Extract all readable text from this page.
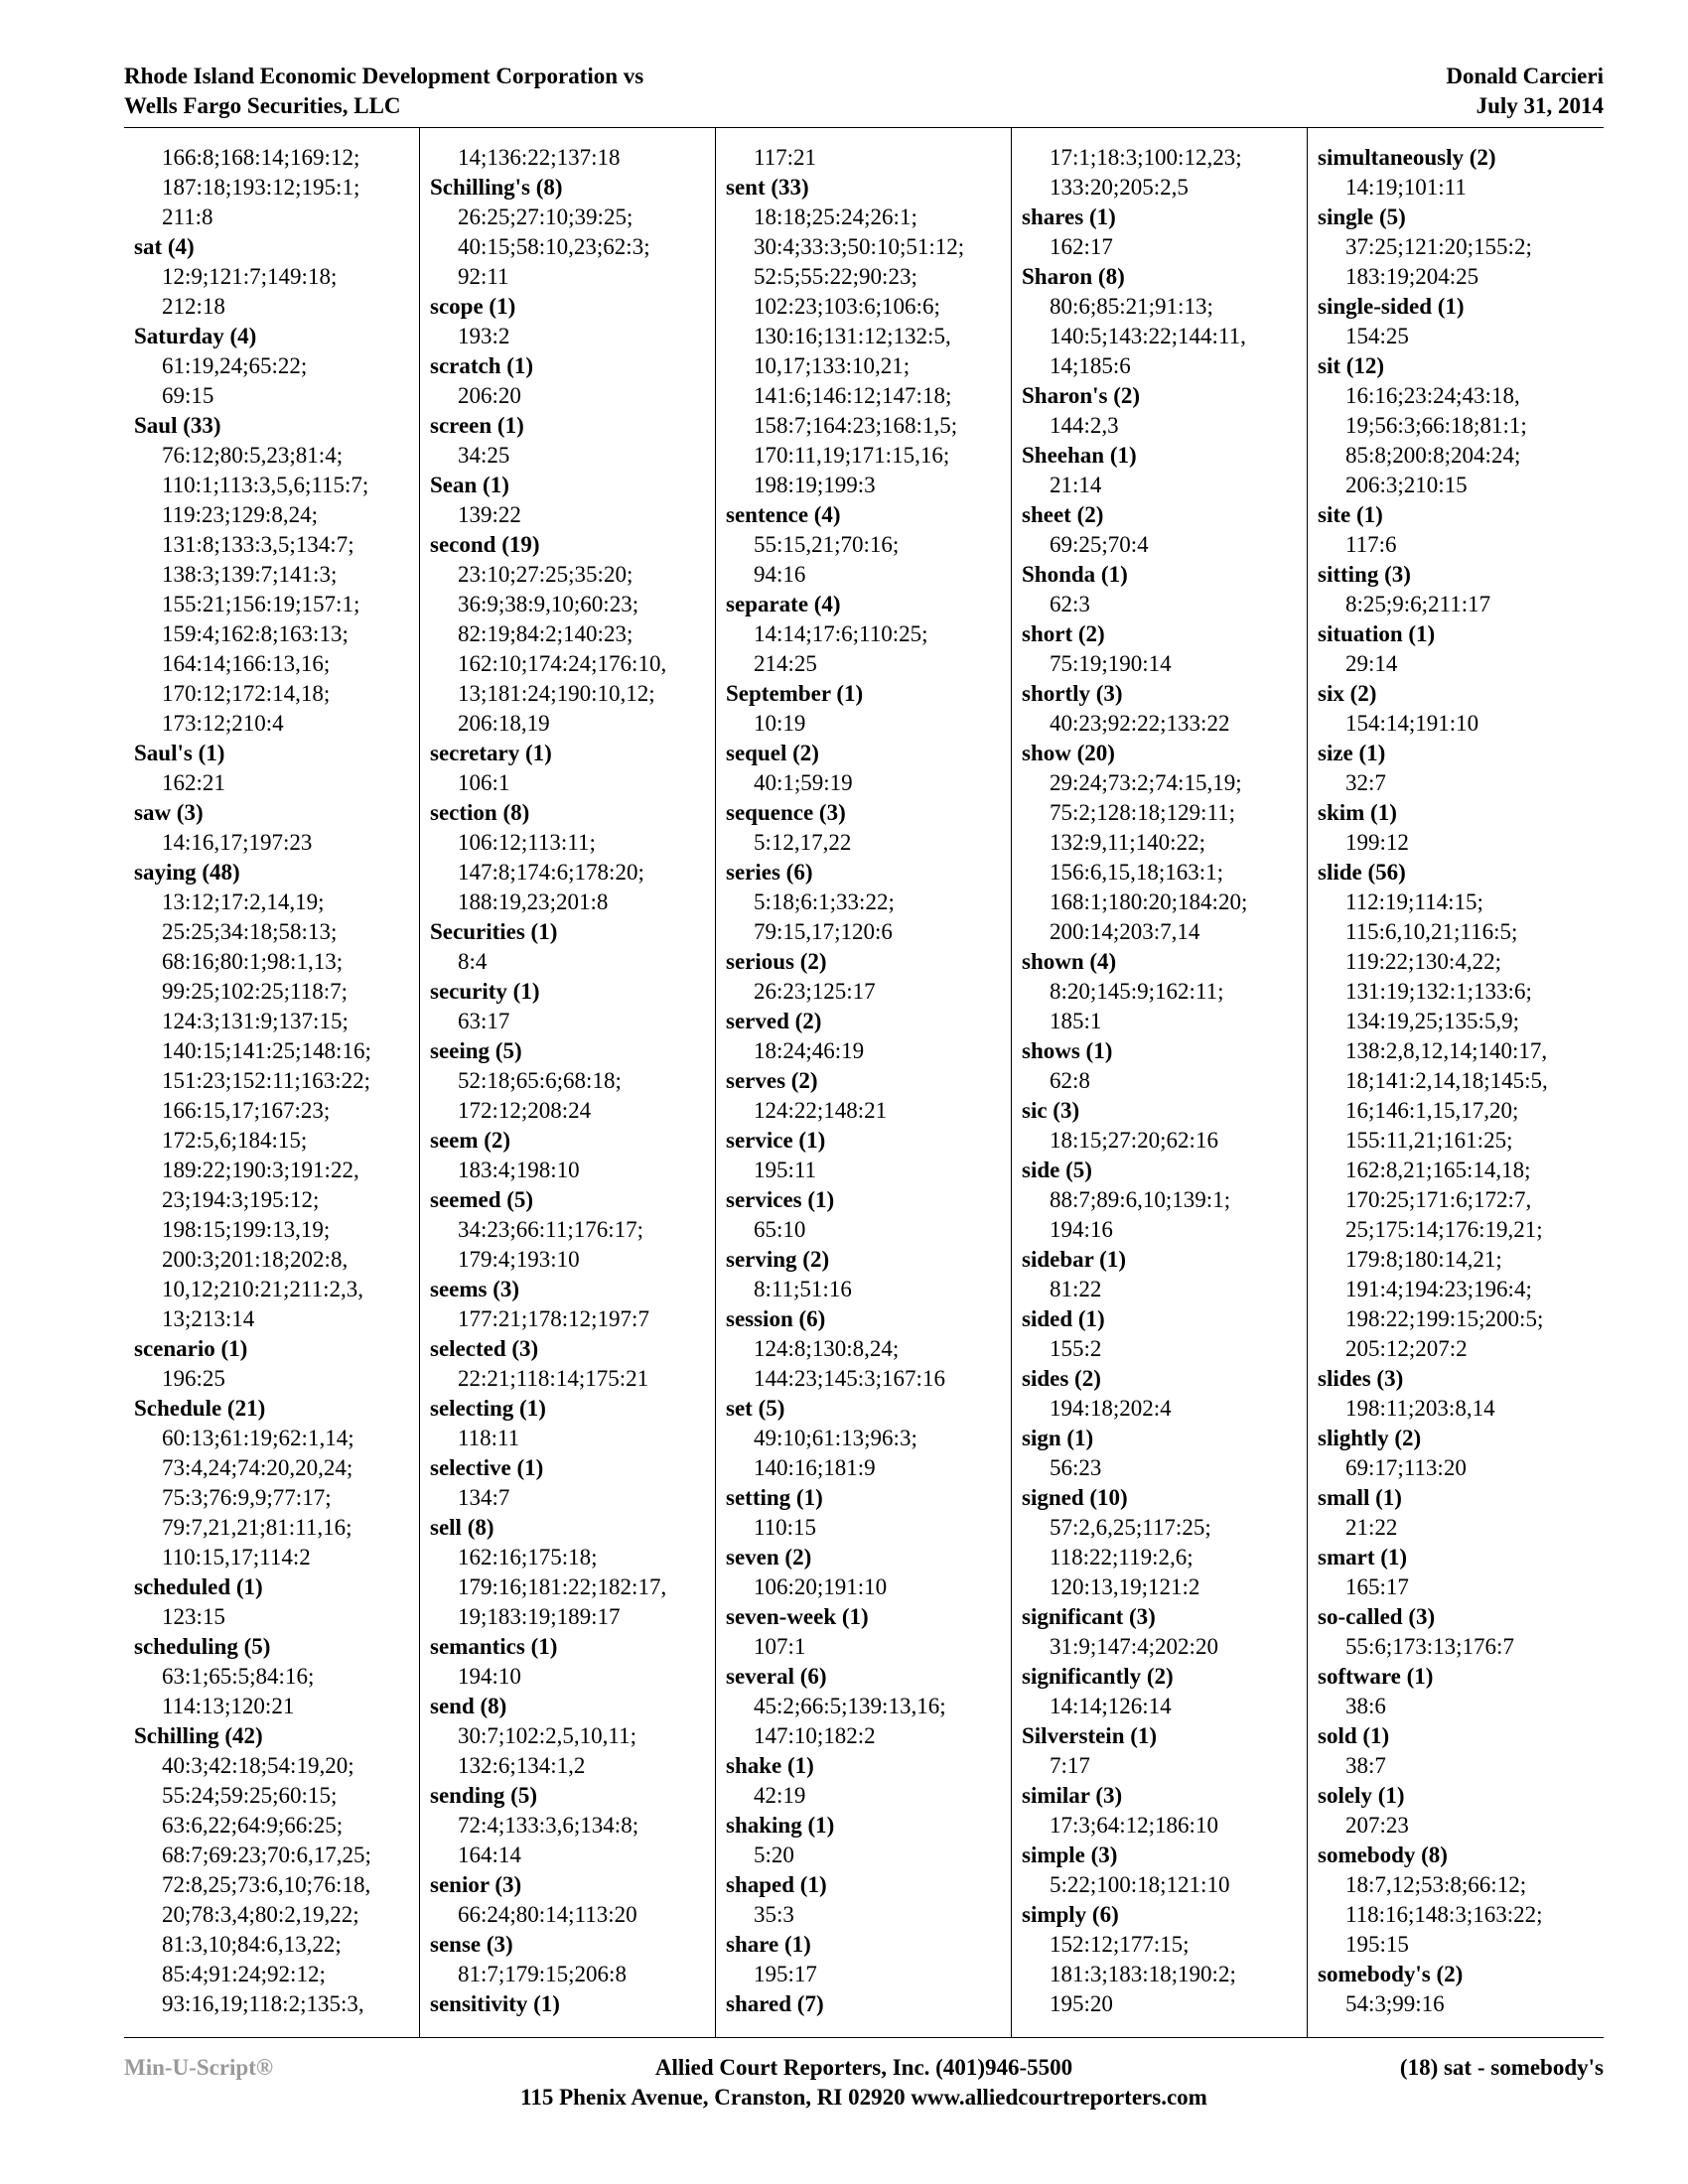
Rhode Island Economic Development Corporation vs
Wells Fargo Securities, LLC
Donald Carcieri
July 31, 2014
166:8;168:14;169:12;
187:18;193:12;195:1;
211:8
sat (4)
12:9;121:7;149:18;
212:18
Saturday (4)
61:19,24;65:22;
69:15
Saul (33)
76:12;80:5,23;81:4;
110:1;113:3,5,6;115:7;
119:23;129:8,24;
131:8;133:3,5;134:7;
138:3;139:7;141:3;
155:21;156:19;157:1;
159:4;162:8;163:13;
164:14;166:13,16;
170:12;172:14,18;
173:12;210:4
Saul's (1)
162:21
saw (3)
14:16,17;197:23
saying (48)
13:12;17:2,14,19;
25:25;34:18;58:13;
68:16;80:1;98:1,13;
99:25;102:25;118:7;
124:3;131:9;137:15;
140:15;141:25;148:16;
151:23;152:11;163:22;
166:15,17;167:23;
172:5,6;184:15;
189:22;190:3;191:22,
23;194:3;195:12;
198:15;199:13,19;
200:3;201:18;202:8,
10,12;210:21;211:2,3,
13;213:14
scenario (1)
196:25
Schedule (21)
60:13;61:19;62:1,14;
73:4,24;74:20,20,24;
75:3;76:9,9;77:17;
79:7,21,21;81:11,16;
110:15,17;114:2
scheduled (1)
123:15
scheduling (5)
63:1;65:5;84:16;
114:13;120:21
Schilling (42)
40:3;42:18;54:19,20;
55:24;59:25;60:15;
63:6,22;64:9;66:25;
68:7;69:23;70:6,17,25;
72:8,25;73:6,10;76:18,
20;78:3,4;80:2,19,22;
81:3,10;84:6,13,22;
85:4;91:24;92:12;
93:16,19;118:2;135:3,
14;136:22;137:18
Schilling's (8)
26:25;27:10;39:25;
40:15;58:10,23;62:3;
92:11
scope (1)
193:2
scratch (1)
206:20
screen (1)
34:25
Sean (1)
139:22
second (19)
23:10;27:25;35:20;
36:9;38:9,10;60:23;
82:19;84:2;140:23;
162:10;174:24;176:10,
13;181:24;190:10,12;
206:18,19
secretary (1)
106:1
section (8)
106:12;113:11;
147:8;174:6;178:20;
188:19,23;201:8
Securities (1)
8:4
security (1)
63:17
seeing (5)
52:18;65:6;68:18;
172:12;208:24
seem (2)
183:4;198:10
seemed (5)
34:23;66:11;176:17;
179:4;193:10
seems (3)
177:21;178:12;197:7
selected (3)
22:21;118:14;175:21
selecting (1)
118:11
selective (1)
134:7
sell (8)
162:16;175:18;
179:16;181:22;182:17,
19;183:19;189:17
semantics (1)
194:10
send (8)
30:7;102:2,5,10,11;
132:6;134:1,2
sending (5)
72:4;133:3,6;134:8;
164:14
senior (3)
66:24;80:14;113:20
sense (3)
81:7;179:15;206:8
sensitivity (1)
117:21
sent (33)
18:18;25:24;26:1;
30:4;33:3;50:10;51:12;
52:5;55:22;90:23;
102:23;103:6;106:6;
130:16;131:12;132:5,
10,17;133:10,21;
141:6;146:12;147:18;
158:7;164:23;168:1,5;
170:11,19;171:15,16;
198:19;199:3
sentence (4)
55:15,21;70:16;
94:16
separate (4)
14:14;17:6;110:25;
214:25
September (1)
10:19
sequel (2)
40:1;59:19
sequence (3)
5:12,17,22
series (6)
5:18;6:1;33:22;
79:15,17;120:6
serious (2)
26:23;125:17
served (2)
18:24;46:19
serves (2)
124:22;148:21
service (1)
195:11
services (1)
65:10
serving (2)
8:11;51:16
session (6)
124:8;130:8,24;
144:23;145:3;167:16
set (5)
49:10;61:13;96:3;
140:16;181:9
setting (1)
110:15
seven (2)
106:20;191:10
seven-week (1)
107:1
several (6)
45:2;66:5;139:13,16;
147:10;182:2
shake (1)
42:19
shaking (1)
5:20
shaped (1)
35:3
share (1)
195:17
shared (7)
17:1;18:3;100:12,23;
133:20;205:2,5
shares (1)
162:17
Sharon (8)
80:6;85:21;91:13;
140:5;143:22;144:11,
14;185:6
Sharon's (2)
144:2,3
Sheehan (1)
21:14
sheet (2)
69:25;70:4
Shonda (1)
62:3
short (2)
75:19;190:14
shortly (3)
40:23;92:22;133:22
show (20)
29:24;73:2;74:15,19;
75:2;128:18;129:11;
132:9,11;140:22;
156:6,15,18;163:1;
168:1;180:20;184:20;
200:14;203:7,14
shown (4)
8:20;145:9;162:11;
185:1
shows (1)
62:8
sic (3)
18:15;27:20;62:16
side (5)
88:7;89:6,10;139:1;
194:16
sidebar (1)
81:22
sided (1)
155:2
sides (2)
194:18;202:4
sign (1)
56:23
signed (10)
57:2,6,25;117:25;
118:22;119:2,6;
120:13,19;121:2
significant (3)
31:9;147:4;202:20
significantly (2)
14:14;126:14
Silverstein (1)
7:17
similar (3)
17:3;64:12;186:10
simple (3)
5:22;100:18;121:10
simply (6)
152:12;177:15;
181:3;183:18;190:2;
195:20
simultaneously (2)
14:19;101:11
single (5)
37:25;121:20;155:2;
183:19;204:25
single-sided (1)
154:25
sit (12)
16:16;23:24;43:18,
19;56:3;66:18;81:1;
85:8;200:8;204:24;
206:3;210:15
site (1)
117:6
sitting (3)
8:25;9:6;211:17
situation (1)
29:14
six (2)
154:14;191:10
size (1)
32:7
skim (1)
199:12
slide (56)
112:19;114:15;
115:6,10,21;116:5;
119:22;130:4,22;
131:19;132:1;133:6;
134:19,25;135:5,9;
138:2,8,12,14;140:17,
18;141:2,14,18;145:5,
16;146:1,15,17,20;
155:11,21;161:25;
162:8,21;165:14,18;
170:25;171:6;172:7,
25;175:14;176:19,21;
179:8;180:14,21;
191:4;194:23;196:4;
198:22;199:15;200:5;
205:12;207:2
slides (3)
198:11;203:8,14
slightly (2)
69:17;113:20
small (1)
21:22
smart (1)
165:17
so-called (3)
55:6;173:13;176:7
software (1)
38:6
sold (1)
38:7
solely (1)
207:23
somebody (8)
18:7,12;53:8;66:12;
118:16;148:3;163:22;
195:15
somebody's (2)
54:3;99:16
Min-U-Script®	Allied Court Reporters, Inc. (401)946-5500
115 Phenix Avenue, Cranston, RI 02920 www.alliedcourtreporters.com
(18) sat - somebody's
